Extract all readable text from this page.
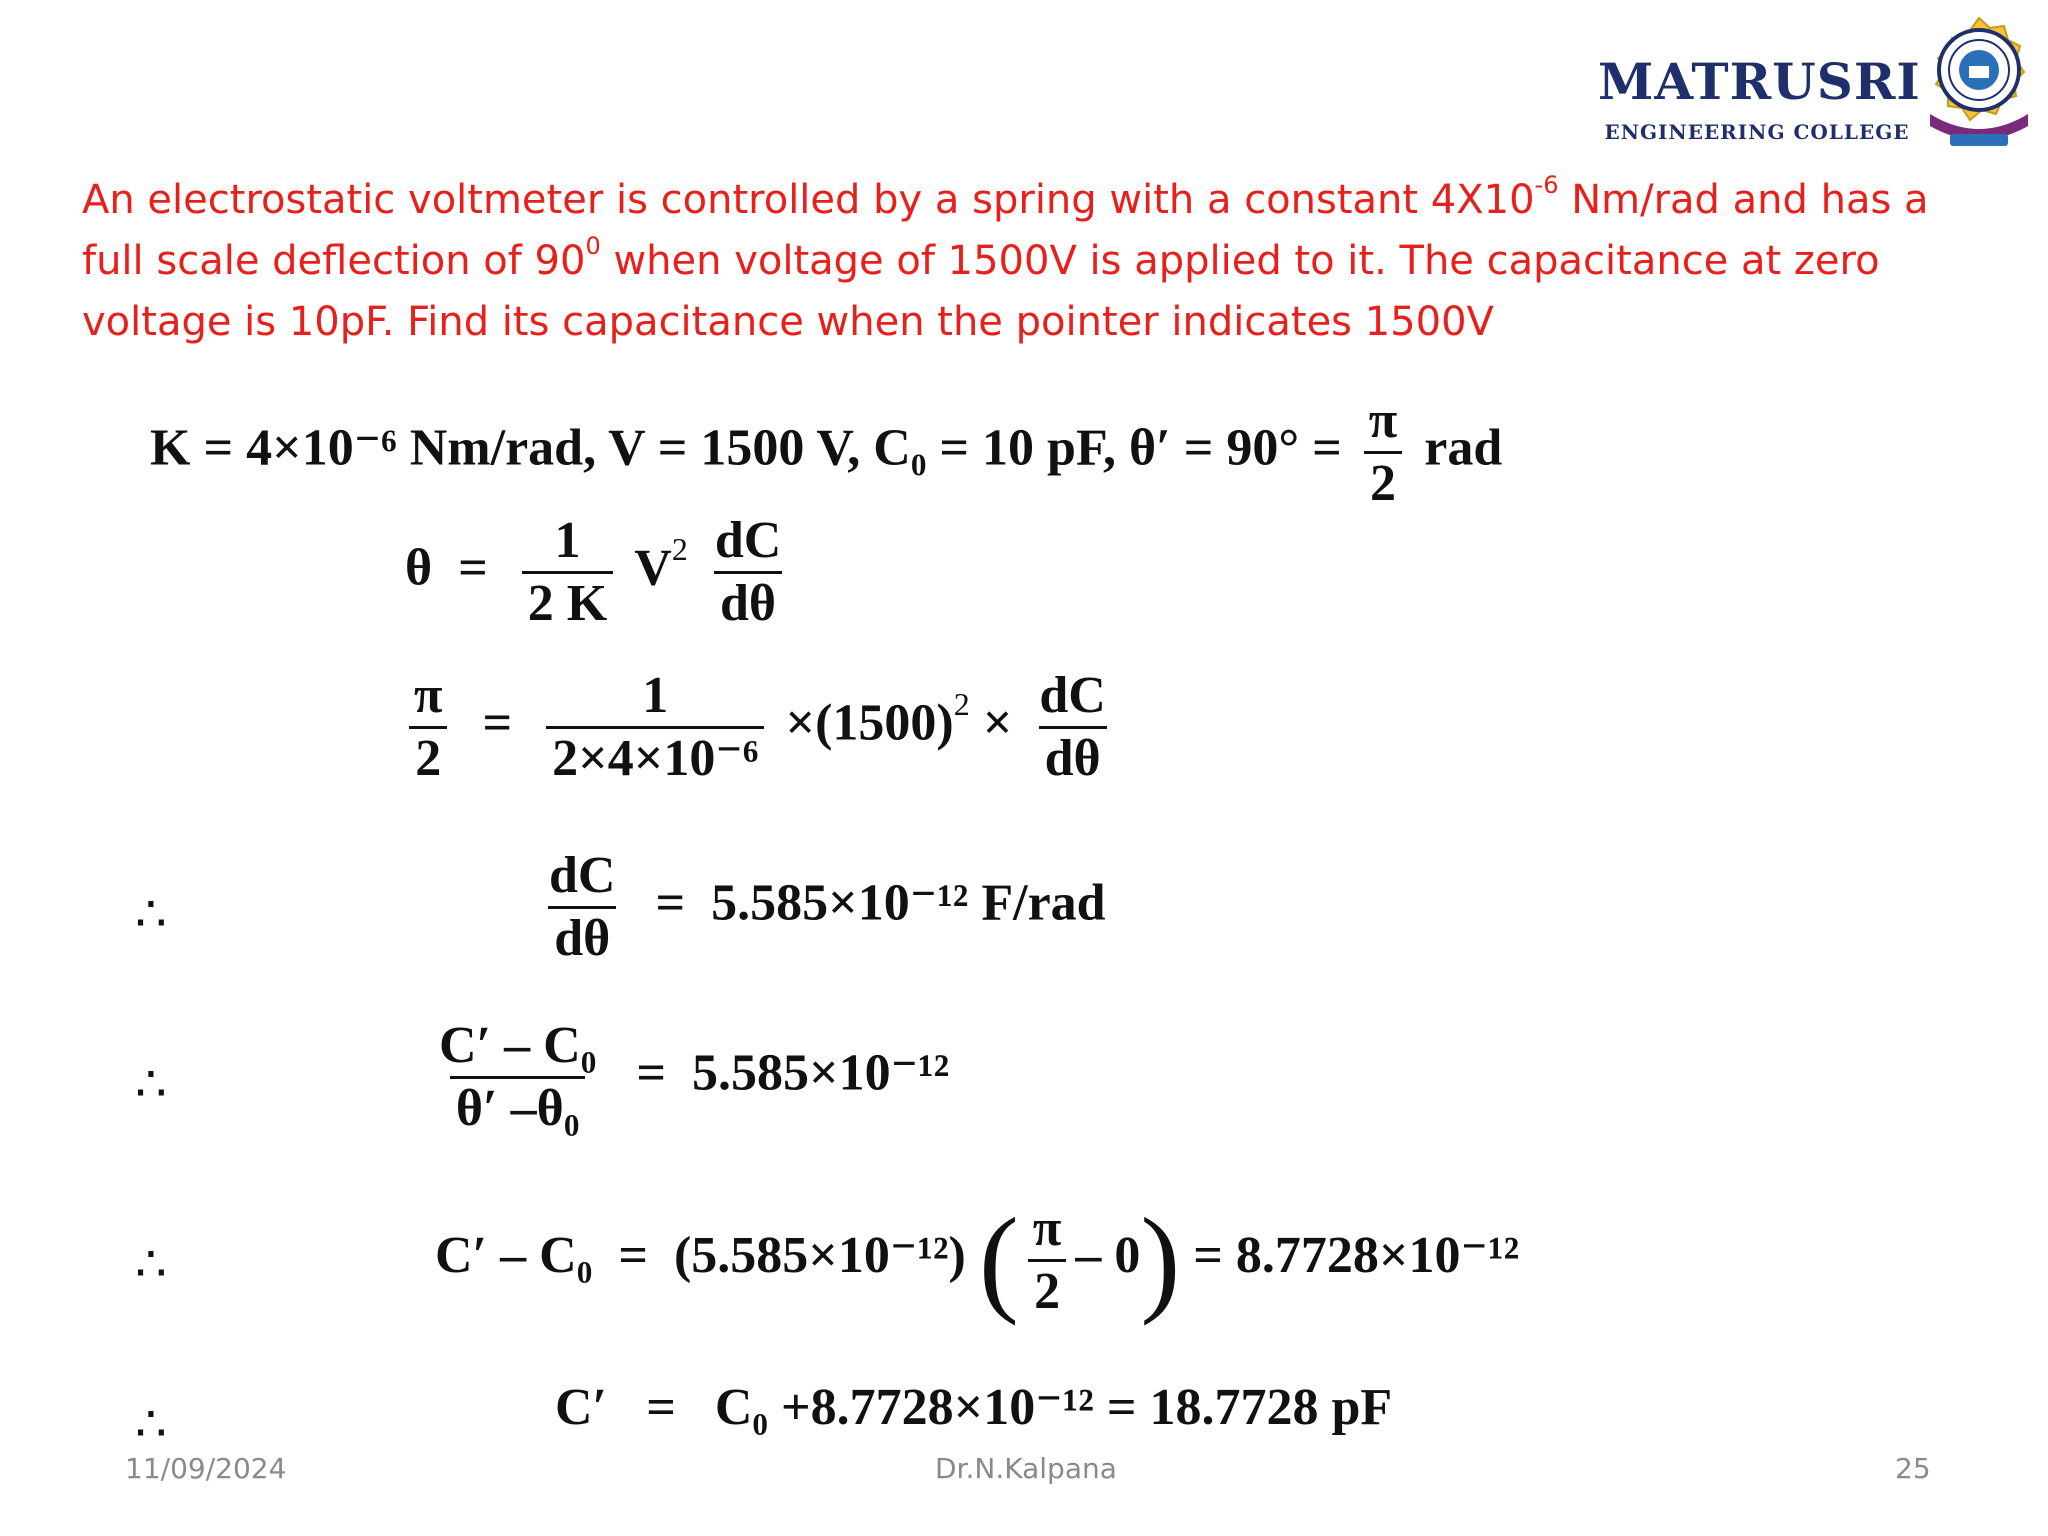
MATRUSRI
ENGINEERING COLLEGE
An electrostatic voltmeter is controlled by a spring with a constant $4X10^{-6}$ Nm/rad and has a full scale deflection of $90^0$ when voltage of 1500V is applied to it. The capacitance at zero voltage is 10pF. Find its capacitance when the pointer indicates 1500V
K = 4×10⁻⁶ Nm/rad, V = 1500 V, C₀ = 10 pF, $\theta' = 90^\circ = \frac{\pi}{2}$ rad
$\theta = \frac{1}{2 K} V^2 \frac{dC}{d\theta}$
$\frac{\pi}{2} = \frac{1}{\text{2×4×10⁻⁶}} \times(1500)^2 \times \frac{dC}{d\theta}$
∴	$\frac{dC}{d\theta} = 5.585\times 10^{-12}$ F/rad
∴	$\frac{\text{C′ – C₀}}{\text{θ′ –θ₀}} = 5.585\times 10^{-12}$
∴	C′ – C₀ = (5.585×10⁻¹²) ( $\frac{\pi}{2} - 0) = 8.7728\times 10^{-12}$
∴	C′ = C₀ +8.7728×10⁻¹² = 18.7728 pF
11/09/2024	Dr.N.Kalpana	25
